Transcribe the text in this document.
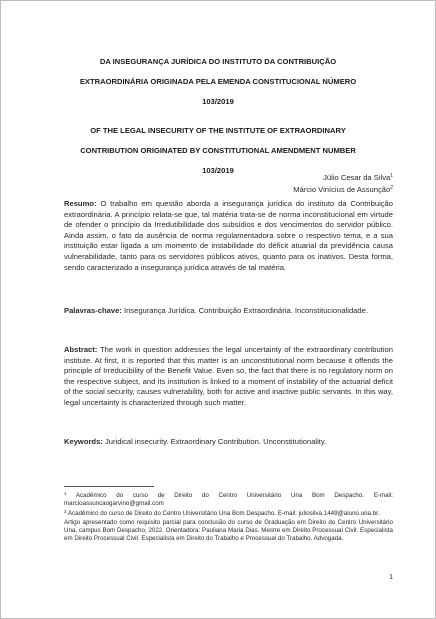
DA INSEGURANÇA JURÍDICA DO INSTITUTO DA CONTRIBUIÇÃO
EXTRAORDINÁRIA ORIGINADA PELA EMENDA CONSTITUCIONAL NÚMERO
103/2019
OF THE LEGAL INSECURITY OF THE INSTITUTE OF EXTRAORDINARY
CONTRIBUTION ORIGINATED BY CONSTITUTIONAL AMENDMENT NUMBER
103/2019
Júlio Cesar da Silva$^1$
Márcio Vinícius de Assunção$^2$
Resumo: O trabalho em questão aborda a insegurança jurídica do instituto da Contribuição extraordinária. A princípio relata-se que, tal matéria trata-se de norma inconstitucional em virtude de ofender o princípio da Irredutibilidade dos subsídios e dos vencimentos do servidor público. Ainda assim, o fato da ausência de norma regulamentadora sobre o respectivo tema, e a sua instituição estar ligada a um momento de instabilidade do déficit atuarial da previdência causa vulnerabilidade, tanto para os servidores públicos ativos, quanto para os inativos. Desta forma, sendo caracterizado a insegurança jurídica através de tal matéria.
Palavras-chave: Insegurança Jurídica. Contribuição Extraordinária. Inconstitucionalidade.
Abstract: The work in question addresses the legal uncertainty of the extraordinary contribution institute. At first, it is reported that this matter is an unconstitutional norm because it offends the principle of Irreducibility of the Benefit Value. Even so, the fact that there is no regulatory norm on the respective subject, and its institution is linked to a moment of instability of the actuarial deficit of the social security, causes vulnerability, both for active and inactive public servants. In this way, legal uncertainty is characterized through such matter.
Keywords: Juridical insecurity. Extraordinary Contribution. Unconstitutionality.
$^1$ Acadêmico do curso de Direito do Centro Universitário Una Bom Despacho. E-mail: marcioassuncaogarvino@gmail.com
$^2$ Acadêmico do curso de Direito do Centro Universitário Una Bom Despacho. E-mail: juliosilva.1449@aluno.una.br.
Artigo apresentado como requisito parcial para conclusão do curso de Graduação em Direito do Centro Universitário Una, campus Bom Despacho, 2022. Orientadora: Pauliana Maria Dias. Mestre em Direito Processual Civil. Especialista em Direito Processual Civil. Especialista em Direito do Trabalho e Processual do Trabalho. Advogada.
1
